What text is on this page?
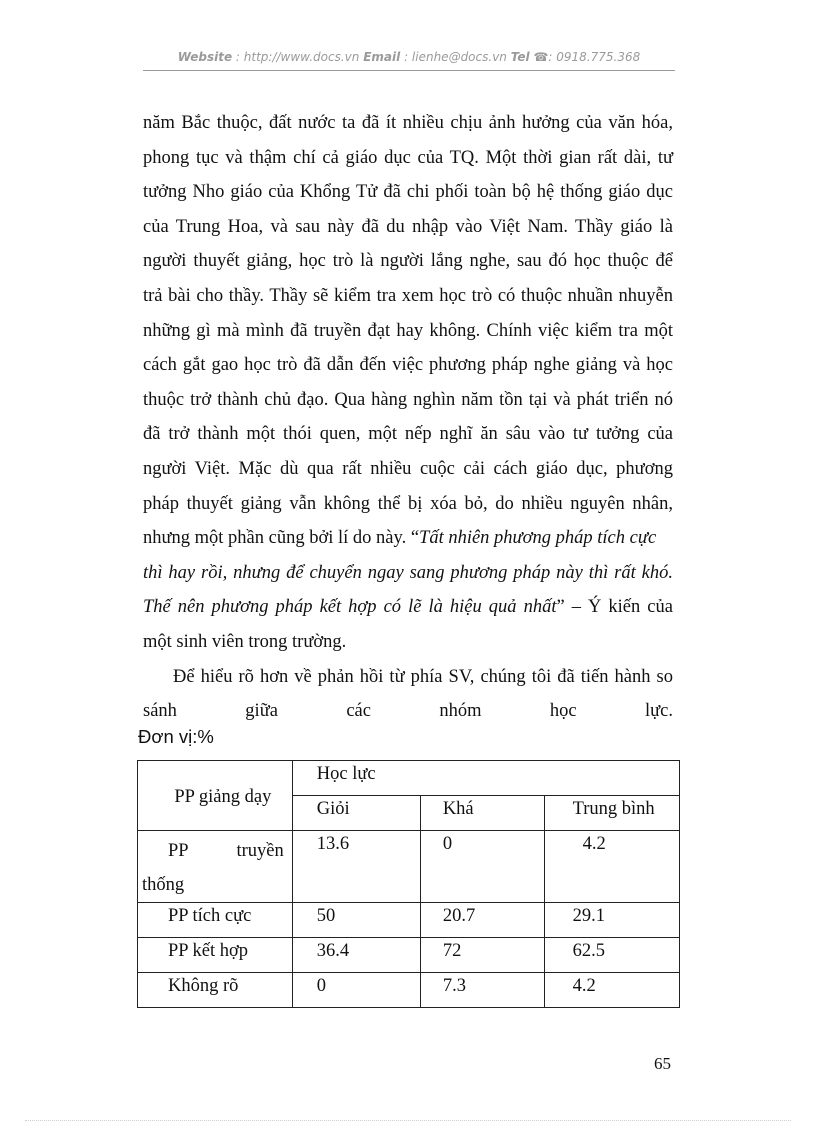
Website : http://www.docs.vn Email : lienhe@docs.vn Tel ☎: 0918.775.368
năm Bắc thuộc, đất nước ta đã ít nhiều chịu ảnh hưởng của văn hóa,
phong tục và thậm chí cả giáo dục của TQ. Một thời gian rất dài, tư
tưởng Nho giáo của Khổng Tử đã chi phối toàn bộ hệ thống giáo dục
của Trung Hoa, và sau này đã du nhập vào Việt Nam. Thầy giáo là
người thuyết giảng, học trò là người lắng nghe, sau đó học thuộc để
trả bài cho thầy. Thầy sẽ kiểm tra xem học trò có thuộc nhuần nhuyễn
những gì mà mình đã truyền đạt hay không. Chính việc kiểm tra một
cách gắt gao học trò đã dẫn đến việc phương pháp nghe giảng và học
thuộc trở thành chủ đạo. Qua hàng nghìn năm tồn tại và phát triển nó
đã trở thành một thói quen, một nếp nghĩ ăn sâu vào tư tưởng của
người Việt. Mặc dù qua rất nhiều cuộc cải cách giáo dục, phương
pháp thuyết giảng vẫn không thể bị xóa bỏ, do nhiều nguyên nhân,
nhưng một phần cũng bởi lí do này. “Tất nhiên phương pháp tích cực
thì hay rồi, nhưng để chuyển ngay sang phương pháp này thì rất khó.
Thế nên phương pháp kết hợp có lẽ là hiệu quả nhất” – Ý kiến của
một sinh viên trong trường.
Để hiểu rõ hơn về phản hồi từ phía SV, chúng tôi đã tiến hành so
sánh giữa các nhóm học lực.
Đơn vị:%
PP giảng dạy	Học lực		
	Giỏi	Khá	Trung bình

PP truyền
thống	13.6	0	4.2
PP tích cực	50	20.7	29.1
PP kết hợp	36.4	72	62.5
Không rõ	0	7.3	4.2
65
